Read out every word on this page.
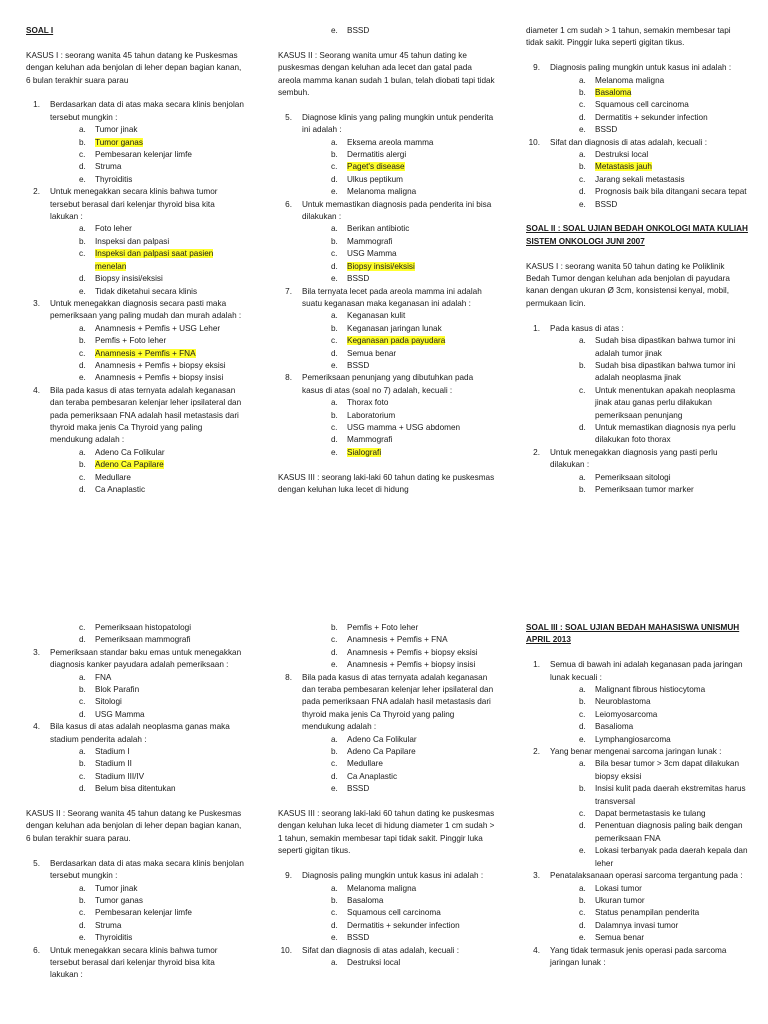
SOAL I
KASUS I : seorang wanita 45 tahun datang ke Puskesmas dengan keluhan ada benjolan di leher depan bagian kanan, 6 bulan terakhir suara parau
1. Berdasarkan data di atas maka secara klinis benjolan tersebut mungkin :
a. Tumor jinak
b. Tumor ganas
c. Pembesaran kelenjar limfe
d. Struma
e. Thyroiditis
2. Untuk menegakkan secara klinis bahwa tumor tersebut berasal dari kelenjar thyroid bisa kita lakukan :
a. Foto leher
b. Inspeksi dan palpasi
c. Inspeksi dan palpasi saat pasien menelan
d. Biopsy insisi/eksisi
e. Tidak diketahui secara klinis
3. Untuk menegakkan diagnosis secara pasti maka pemeriksaan yang paling mudah dan murah adalah :
a. Anamnesis + Pemfis + USG Leher
b. Pemfis + Foto leher
c. Anamnesis + Pemfis + FNA
d. Anamnesis + Pemfis + biopsy eksisi
e. Anamnesis + Pemfis + biopsy insisi
4. Bila pada kasus di atas ternyata adalah keganasan dan teraba pembesaran kelenjar leher ipsilateral dan pada pemeriksaan FNA adalah hasil metastasis dari thyroid maka jenis Ca Thyroid yang paling mendukung adalah :
a. Adeno Ca Folikular
b. Adeno Ca Papilare
c. Medullare
d. Ca Anaplastic
e. BSSD
KASUS II : Seorang wanita umur 45 tahun dating ke puskesmas dengan keluhan ada lecet dan gatal pada areola mamma kanan sudah 1 bulan, telah diobati tapi tidak sembuh.
5. Diagnose klinis yang paling mungkin untuk penderita ini adalah :
a. Eksema areola mamma
b. Dermatitis alergi
c. Paget's disease
d. Ulkus peptikum
e. Melanoma maligna
6. Untuk memastikan diagnosis pada penderita ini bisa dilakukan :
a. Berikan antibiotic
b. Mammografi
c. USG Mamma
d. Biopsy insisi/eksisi
e. BSSD
7. Bila ternyata lecet pada areola mamma ini adalah suatu keganasan maka keganasan ini adalah :
a. Keganasan kulit
b. Keganasan jaringan lunak
c. Keganasan pada payudara
d. Semua benar
e. BSSD
8. Pemeriksaan penunjang yang dibutuhkan pada kasus di atas (soal no 7) adalah, kecuali :
a. Thorax foto
b. Laboratorium
c. USG mamma + USG abdomen
d. Mammografi
e. Sialografi
KASUS III : seorang laki-laki 60 tahun dating ke puskesmas dengan keluhan luka lecet di hidung
diameter 1 cm sudah > 1 tahun, semakin membesar tapi tidak sakit. Pinggir luka seperti gigitan tikus.
9. Diagnosis paling mungkin untuk kasus ini adalah :
a. Melanoma maligna
b. Basaloma
c. Squamous cell carcinoma
d. Dermatitis + sekunder infection
e. BSSD
10. Sifat dan diagnosis di atas adalah, kecuali :
a. Destruksi local
b. Metastasis jauh
c. Jarang sekali metastasis
d. Prognosis baik bila ditangani secara tepat
e. BSSD
SOAL II : SOAL UJIAN BEDAH ONKOLOGI MATA KULIAH SISTEM ONKOLOGI JUNI 2007
KASUS I : seorang wanita 50 tahun dating ke Poliklinik Bedah Tumor dengan keluhan ada benjolan di payudara kanan dengan ukuran Ø 3cm, konsistensi kenyal, mobil, permukaan licin.
1. Pada kasus di atas :
a. Sudah bisa dipastikan bahwa tumor ini adalah tumor jinak
b. Sudah bisa dipastikan bahwa tumor ini adalah neoplasma jinak
c. Untuk menentukan apakah neoplasma jinak atau ganas perlu dilakukan pemeriksaan penunjang
d. Untuk memastikan diagnosis nya perlu dilakukan foto thorax
2. Untuk menegakkan diagnosis yang pasti perlu dilakukan :
a. Pemeriksaan sitologi
b. Pemeriksaan tumor marker
c. Pemeriksaan histopatologi
d. Pemeriksaan mammografi
3. Pemeriksaan standar baku emas untuk menegakkan diagnosis kanker payudara adalah pemeriksaan :
a. FNA
b. Blok Parafin
c. Sitologi
d. USG Mamma
4. Bila kasus di atas adalah neoplasma ganas maka stadium penderita adalah :
a. Stadium I
b. Stadium II
c. Stadium III/IV
d. Belum bisa ditentukan
KASUS II : Seorang wanita 45 tahun datang ke Puskesmas dengan keluhan ada benjolan di leher depan bagian kanan, 6 bulan terakhir suara parau.
5. Berdasarkan data di atas maka secara klinis benjolan tersebut mungkin :
a. Tumor jinak
b. Tumor ganas
c. Pembesaran kelenjar limfe
d. Struma
e. Thyroiditis
6. Untuk menegakkan secara klinis bahwa tumor tersebut berasal dari kelenjar thyroid bisa kita lakukan :
b. Pemfis + Foto leher
c. Anamnesis + Pemfis + FNA
d. Anamnesis + Pemfis + biopsy eksisi
e. Anamnesis + Pemfis + biopsy insisi
8. Bila pada kasus di atas ternyata adalah keganasan dan teraba pembesaran kelenjar leher ipsilateral dan pada pemeriksaan FNA adalah hasil metastasis dari thyroid maka jenis Ca Thyroid yang paling mendukung adalah :
a. Adeno Ca Folikular
b. Adeno Ca Papilare
c. Medullare
d. Ca Anaplastic
e. BSSD
KASUS III : seorang laki-laki 60 tahun dating ke puskesmas dengan keluhan luka lecet di hidung diameter 1 cm sudah > 1 tahun, semakin membesar tapi tidak sakit. Pinggir luka seperti gigitan tikus.
9. Diagnosis paling mungkin untuk kasus ini adalah :
a. Melanoma maligna
b. Basaloma
c. Squamous cell carcinoma
d. Dermatitis + sekunder infection
e. BSSD
10. Sifat dan diagnosis di atas adalah, kecuali :
a. Destruksi local
SOAL III : SOAL UJIAN BEDAH MAHASISWA UNISMUH APRIL 2013
1. Semua di bawah ini adalah keganasan pada jaringan lunak kecuali :
a. Malignant fibrous histiocytoma
b. Neuroblastoma
c. Leiomyosarcoma
d. Basalioma
e. Lymphangiosarcoma
2. Yang benar mengenai sarcoma jaringan lunak :
a. Bila besar tumor > 3cm dapat dilakukan biopsy eksisi
b. Insisi kulit pada daerah ekstremitas harus transversal
c. Dapat bermetastasis ke tulang
d. Penentuan diagnosis paling baik dengan pemeriksaan FNA
e. Lokasi terbanyak pada daerah kepala dan leher
3. Penatalaksanaan operasi sarcoma tergantung pada :
a. Lokasi tumor
b. Ukuran tumor
c. Status penampilan penderita
d. Dalamnya invasi tumor
e. Semua benar
4. Yang tidak termasuk jenis operasi pada sarcoma jaringan lunak :
